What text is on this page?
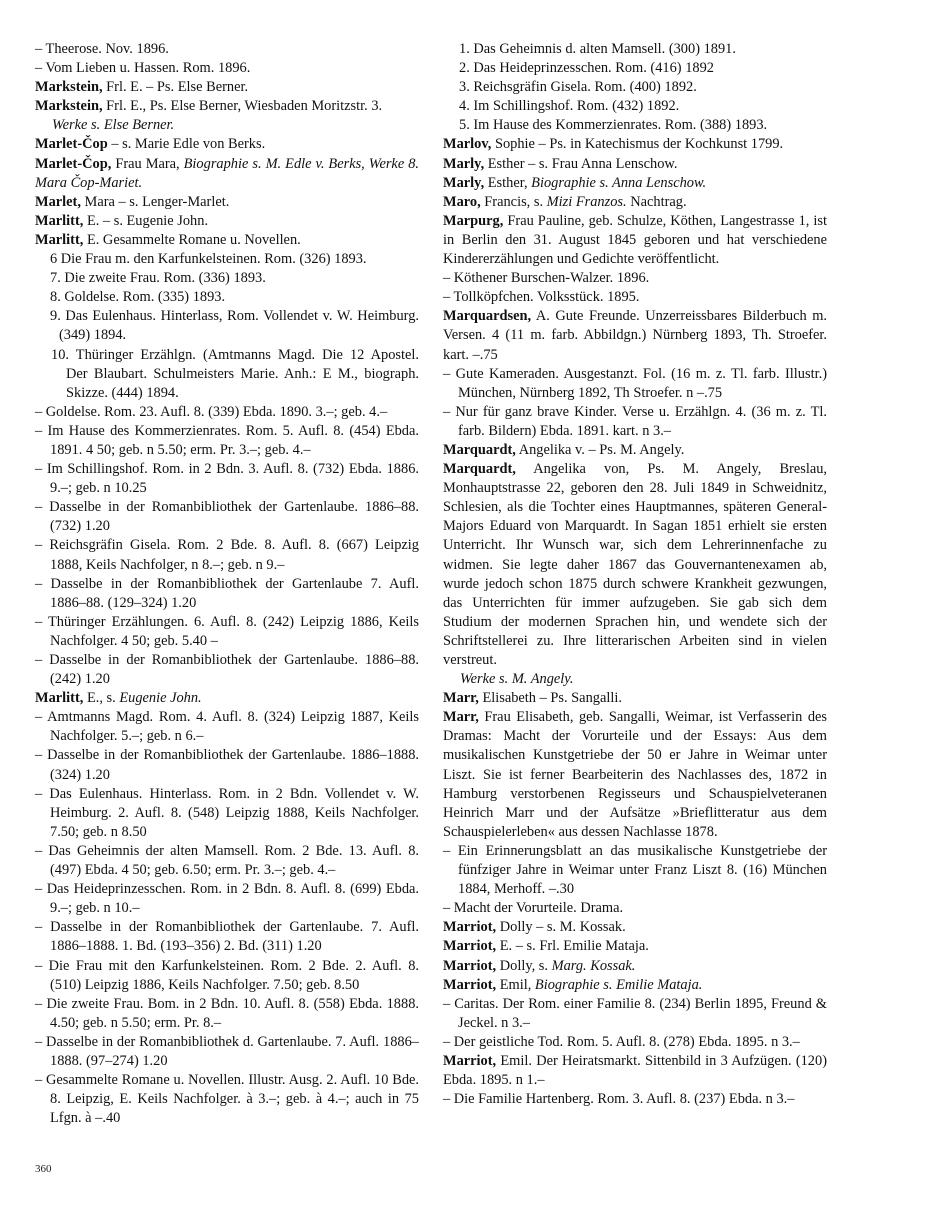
– Theerose. Nov. 1896.

– Vom Lieben u. Hassen. Rom. 1896.

Markstein, Frl. E. – Ps. Else Berner.

Markstein, Frl. E., Ps. Else Berner, Wiesbaden Moritzstr. 3.

Werke s. Else Berner.

Marlet-Čop – s. Marie Edle von Berks.

Marlet-Čop, Frau Mara, Biographie s. M. Edle v. Berks, Werke 8. Mara Čop-Mariet.

Marlet, Mara – s. Lenger-Marlet.

Marlitt, E. – s. Eugenie John.

Marlitt, E. Gesammelte Romane u. Novellen.

6 Die Frau m. den Karfunkelsteinen. Rom. (326) 1893.

7. Die zweite Frau. Rom. (336) 1893.

8. Goldelse. Rom. (335) 1893.

9. Das Eulenhaus. Hinterlass, Rom. Vollendet v. W. Heimburg. (349) 1894.

10. Thüringer Erzählgn. (Amtmanns Magd. Die 12 Apostel. Der Blaubart. Schulmeisters Marie. Anh.: E M., biograph. Skizze. (444) 1894.

– Goldelse. Rom. 23. Aufl. 8. (339) Ebda. 1890. 3.–; geb. 4.–

– Im Hause des Kommerzienrates. Rom. 5. Aufl. 8. (454) Ebda. 1891. 4 50; geb. n 5.50; erm. Pr. 3.–; geb. 4.–

– Im Schillingshof. Rom. in 2 Bdn. 3. Aufl. 8. (732) Ebda. 1886. 9.–; geb. n 10.25

– Dasselbe in der Romanbibliothek der Gartenlaube. 1886–88. (732) 1.20

– Reichsgräfin Gisela. Rom. 2 Bde. 8. Aufl. 8. (667) Leipzig 1888, Keils Nachfolger, n 8.–; geb. n 9.–

– Dasselbe in der Romanbibliothek der Gartenlaube 7. Aufl. 1886–88. (129–324) 1.20

– Thüringer Erzählungen. 6. Aufl. 8. (242) Leipzig 1886, Keils Nachfolger. 4 50; geb. 5.40 –

– Dasselbe in der Romanbibliothek der Gartenlaube. 1886–88. (242) 1.20

Marlitt, E., s. Eugenie John.

– Amtmanns Magd. Rom. 4. Aufl. 8. (324) Leipzig 1887, Keils Nachfolger. 5.–; geb. n 6.–

– Dasselbe in der Romanbibliothek der Gartenlaube. 1886–1888. (324) 1.20

– Das Eulenhaus. Hinterlass. Rom. in 2 Bdn. Vollendet v. W. Heimburg. 2. Aufl. 8. (548) Leipzig 1888, Keils Nachfolger. 7.50; geb. n 8.50

– Das Geheimnis der alten Mamsell. Rom. 2 Bde. 13. Aufl. 8. (497) Ebda. 4 50; geb. 6.50; erm. Pr. 3.–; geb. 4.–

– Das Heideprinzesschen. Rom. in 2 Bdn. 8. Aufl. 8. (699) Ebda. 9.–; geb. n 10.–

– Dasselbe in der Romanbibliothek der Gartenlaube. 7. Aufl. 1886–1888. 1. Bd. (193–356) 2. Bd. (311) 1.20

– Die Frau mit den Karfunkelsteinen. Rom. 2 Bde. 2. Aufl. 8. (510) Leipzig 1886, Keils Nachfolger. 7.50; geb. 8.50

– Die zweite Frau. Bom. in 2 Bdn. 10. Aufl. 8. (558) Ebda. 1888. 4.50; geb. n 5.50; erm. Pr. 8.–

– Dasselbe in der Romanbibliothek d. Gartenlaube. 7. Aufl. 1886–1888. (97–274) 1.20

– Gesammelte Romane u. Novellen. Illustr. Ausg. 2. Aufl. 10 Bde. 8. Leipzig, E. Keils Nachfolger. à 3.–; geb. à 4.–; auch in 75 Lfgn. à –.40

1. Das Geheimnis d. alten Mamsell. (300) 1891.

2. Das Heideprinzesschen. Rom. (416) 1892

3. Reichsgräfin Gisela. Rom. (400) 1892.

4. Im Schillingshof. Rom. (432) 1892.

5. Im Hause des Kommerzienrates. Rom. (388) 1893.

Marlov, Sophie – Ps. in Katechismus der Kochkunst 1799.

Marly, Esther – s. Frau Anna Lenschow.

Marly, Esther, Biographie s. Anna Lenschow.

Maro, Francis, s. Mizi Franzos. Nachtrag.

Marpurg, Frau Pauline, geb. Schulze, Köthen, Langestrasse 1, ist in Berlin den 31. August 1845 geboren und hat verschiedene Kindererzählungen und Gedichte veröffentlicht.

– Köthener Burschen-Walzer. 1896.

– Tollköpfchen. Volksstück. 1895.

Marquardsen, A. Gute Freunde. Unzerreissbares Bilderbuch m. Versen. 4 (11 m. farb. Abbildgn.) Nürnberg 1893, Th. Stroefer. kart. –.75

– Gute Kameraden. Ausgestanzt. Fol. (16 m. z. Tl. farb. Illustr.) München, Nürnberg 1892, Th Stroefer. n –.75

– Nur für ganz brave Kinder. Verse u. Erzählgn. 4. (36 m. z. Tl. farb. Bildern) Ebda. 1891. kart. n 3.–

Marquardt, Angelika v. – Ps. M. Angely.

Marquardt, Angelika von, Ps. M. Angely, Breslau, Monhauptstrasse 22, geboren den 28. Juli 1849 in Schweidnitz, Schlesien, als die Tochter eines Hauptmannes, späteren General-Majors Eduard von Marquardt. In Sagan 1851 erhielt sie ersten Unterricht. Ihr Wunsch war, sich dem Lehrerinnenfache zu widmen. Sie legte daher 1867 das Gouvernantenexamen ab, wurde jedoch schon 1875 durch schwere Krankheit gezwungen, das Unterrichten für immer aufzugeben. Sie gab sich dem Studium der modernen Sprachen hin, und wendete sich der Schriftstellerei zu. Ihre litterarischen Arbeiten sind in vielen verstreut.

Werke s. M. Angely.

Marr, Elisabeth – Ps. Sangalli.

Marr, Frau Elisabeth, geb. Sangalli, Weimar, ist Verfasserin des Dramas: Macht der Vorurteile und der Essays: Aus dem musikalischen Kunstgetriebe der 50 er Jahre in Weimar unter Liszt. Sie ist ferner Bearbeiterin des Nachlasses des, 1872 in Hamburg verstorbenen Regisseurs und Schauspielveteranen Heinrich Marr und der Aufsätze »Brieflitteratur aus dem Schauspielerleben« aus dessen Nachlasse 1878.

– Ein Erinnerungsblatt an das musikalische Kunstgetriebe der fünfziger Jahre in Weimar unter Franz Liszt 8. (16) München 1884, Merhoff. –.30

– Macht der Vorurteile. Drama.

Marriot, Dolly – s. M. Kossak.

Marriot, E. – s. Frl. Emilie Mataja.

Marriot, Dolly, s. Marg. Kossak.

Marriot, Emil, Biographie s. Emilie Mataja.

– Caritas. Der Rom. einer Familie 8. (234) Berlin 1895, Freund & Jeckel. n 3.–

– Der geistliche Tod. Rom. 5. Aufl. 8. (278) Ebda. 1895. n 3.–

Marriot, Emil. Der Heiratsmarkt. Sittenbild in 3 Aufzügen. (120) Ebda. 1895. n 1.–

– Die Familie Hartenberg. Rom. 3. Aufl. 8. (237) Ebda. n 3.–

360
